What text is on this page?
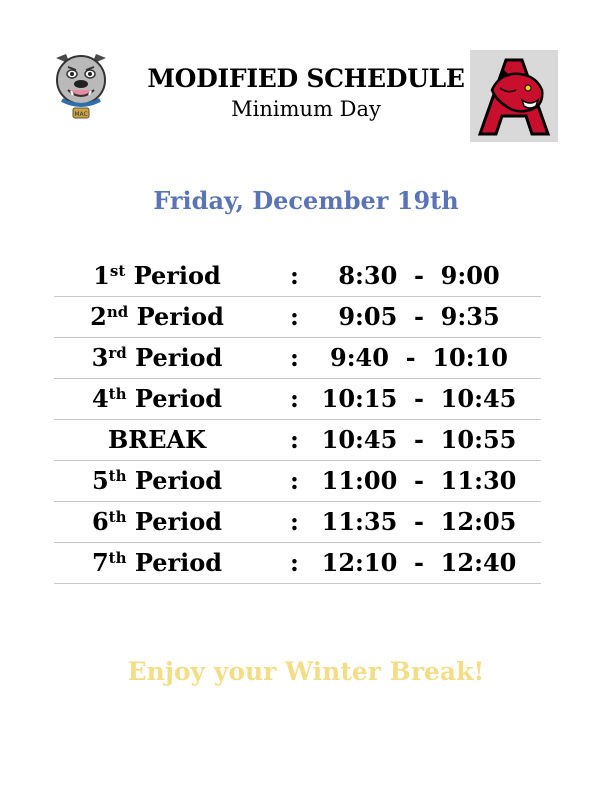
MAC
MODIFIED SCHEDULE
Minimum Day
Friday, December 19th
1st Period	:	8:30  -  9:00
2nd Period	:	9:05  -  9:35
3rd Period	:	9:40  -  10:10
4th Period	: 10:15  -  10:45
BREAK	: 10:45  -  10:55
5th Period	: 11:00  -  11:30
6th Period	: 11:35  -  12:05
7th Period	: 12:10  -  12:40
Enjoy your Winter Break!
